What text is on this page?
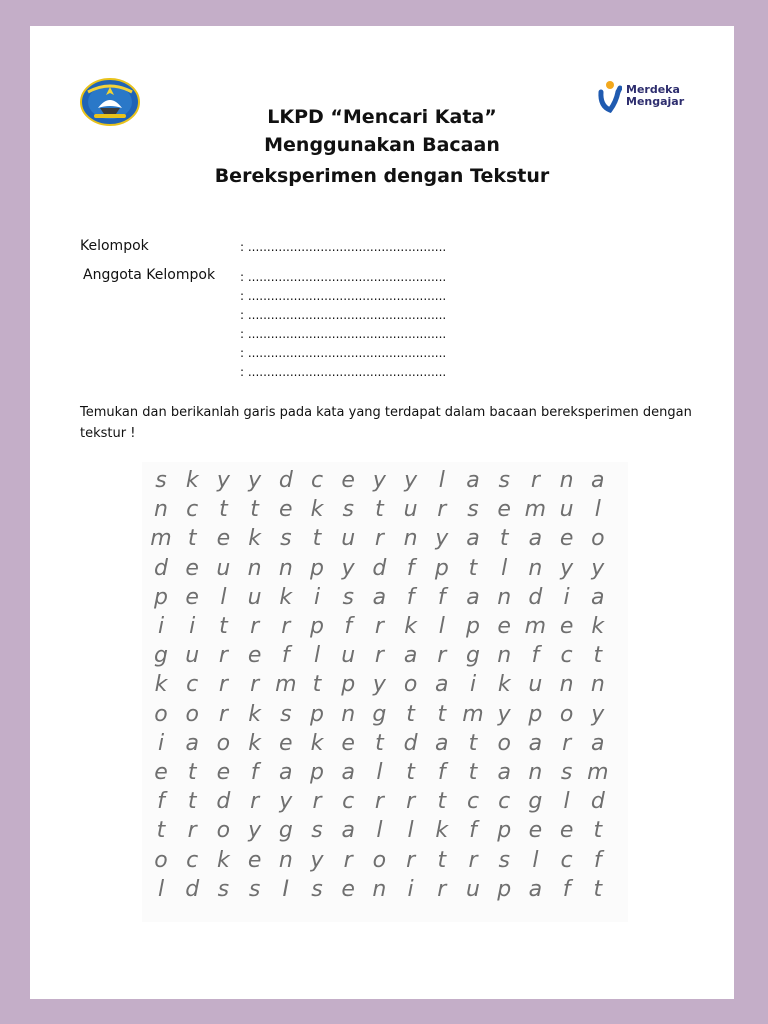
Merdeka
Mengajar
LKPD “Mencari Kata”
Menggunakan Bacaan
Bereksperimen dengan Tekstur
Kelompok	: ....................................................
Anggota Kelompok : ....................................................
: ....................................................
: ....................................................
: ....................................................
: ....................................................
: ....................................................
Temukan dan berikanlah garis pada kata yang terdapat dalam bacaan bereksperimen dengan tekstur !
s k y y d c e y y l a s r n a
n c t	t e k s t u r s e m u l
m t e k s t u r n y a t a e o
d e u n n p y d f p t	l n y y
p e l u k i	s a f	f a n d i a
i	i	t	r	r p f	r k l p e m e k
g u r e f	l u r a r g n f c t
k c r	r m t p y o a i k u n n
o o r k s p n g t	t m y p o y
i a o k e k e t d a t o a r a
e t e f a p a l	t	f	t a n s m
f	t d r y r c r	r	t c c g l d
t	r o y g s a l	l k f p e e t
o c k e n y r o r	t	r s	l	c f
l d s s	I	s e n i	r u p a f	t
